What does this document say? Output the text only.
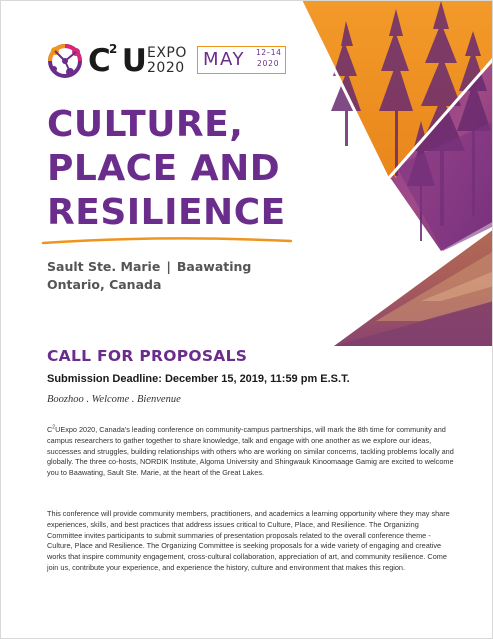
C U
2 EXPO
2020 MAY 12–14
2020
CULTURE,
PLACE AND
RESILIENCE
Sault Ste. Marie | Baawating
Ontario, Canada
CALL FOR PROPOSALS
Submission Deadline: December 15, 2019, 11:59 pm E.S.T.
Boozhoo . Welcome . Bienvenue
$C^2UExpo$ 2020, Canada's leading conference on community-campus partnerships, will mark the 8th time for community and campus researchers to gather together to share knowledge, talk and engage with one another as we explore our ideas, successes and struggles, building relationships with others who are working on similar concerns, tackling problems locally and globally. The three co-hosts, NORDIK Institute, Algoma University and Shingwauk Kinoomaage Gamig are excited to welcome you to Baawating, Sault Ste. Marie, at the heart of the Great Lakes.
This conference will provide community members, practitioners, and academics a learning opportunity where they may share experiences, skills, and best practices that address issues critical to Culture, Place, and Resilience. The Organizing Committee invites participants to submit summaries of presentation proposals related to the overall conference theme - Culture, Place and Resilience. The Organizing Committee is seeking proposals for a wide variety of engaging and creative works that inspire community engagement, cross-cultural collaboration, appreciation of art, and community resilience. Come join us, contribute your experience, and experience the history, culture and environment that makes this region.
